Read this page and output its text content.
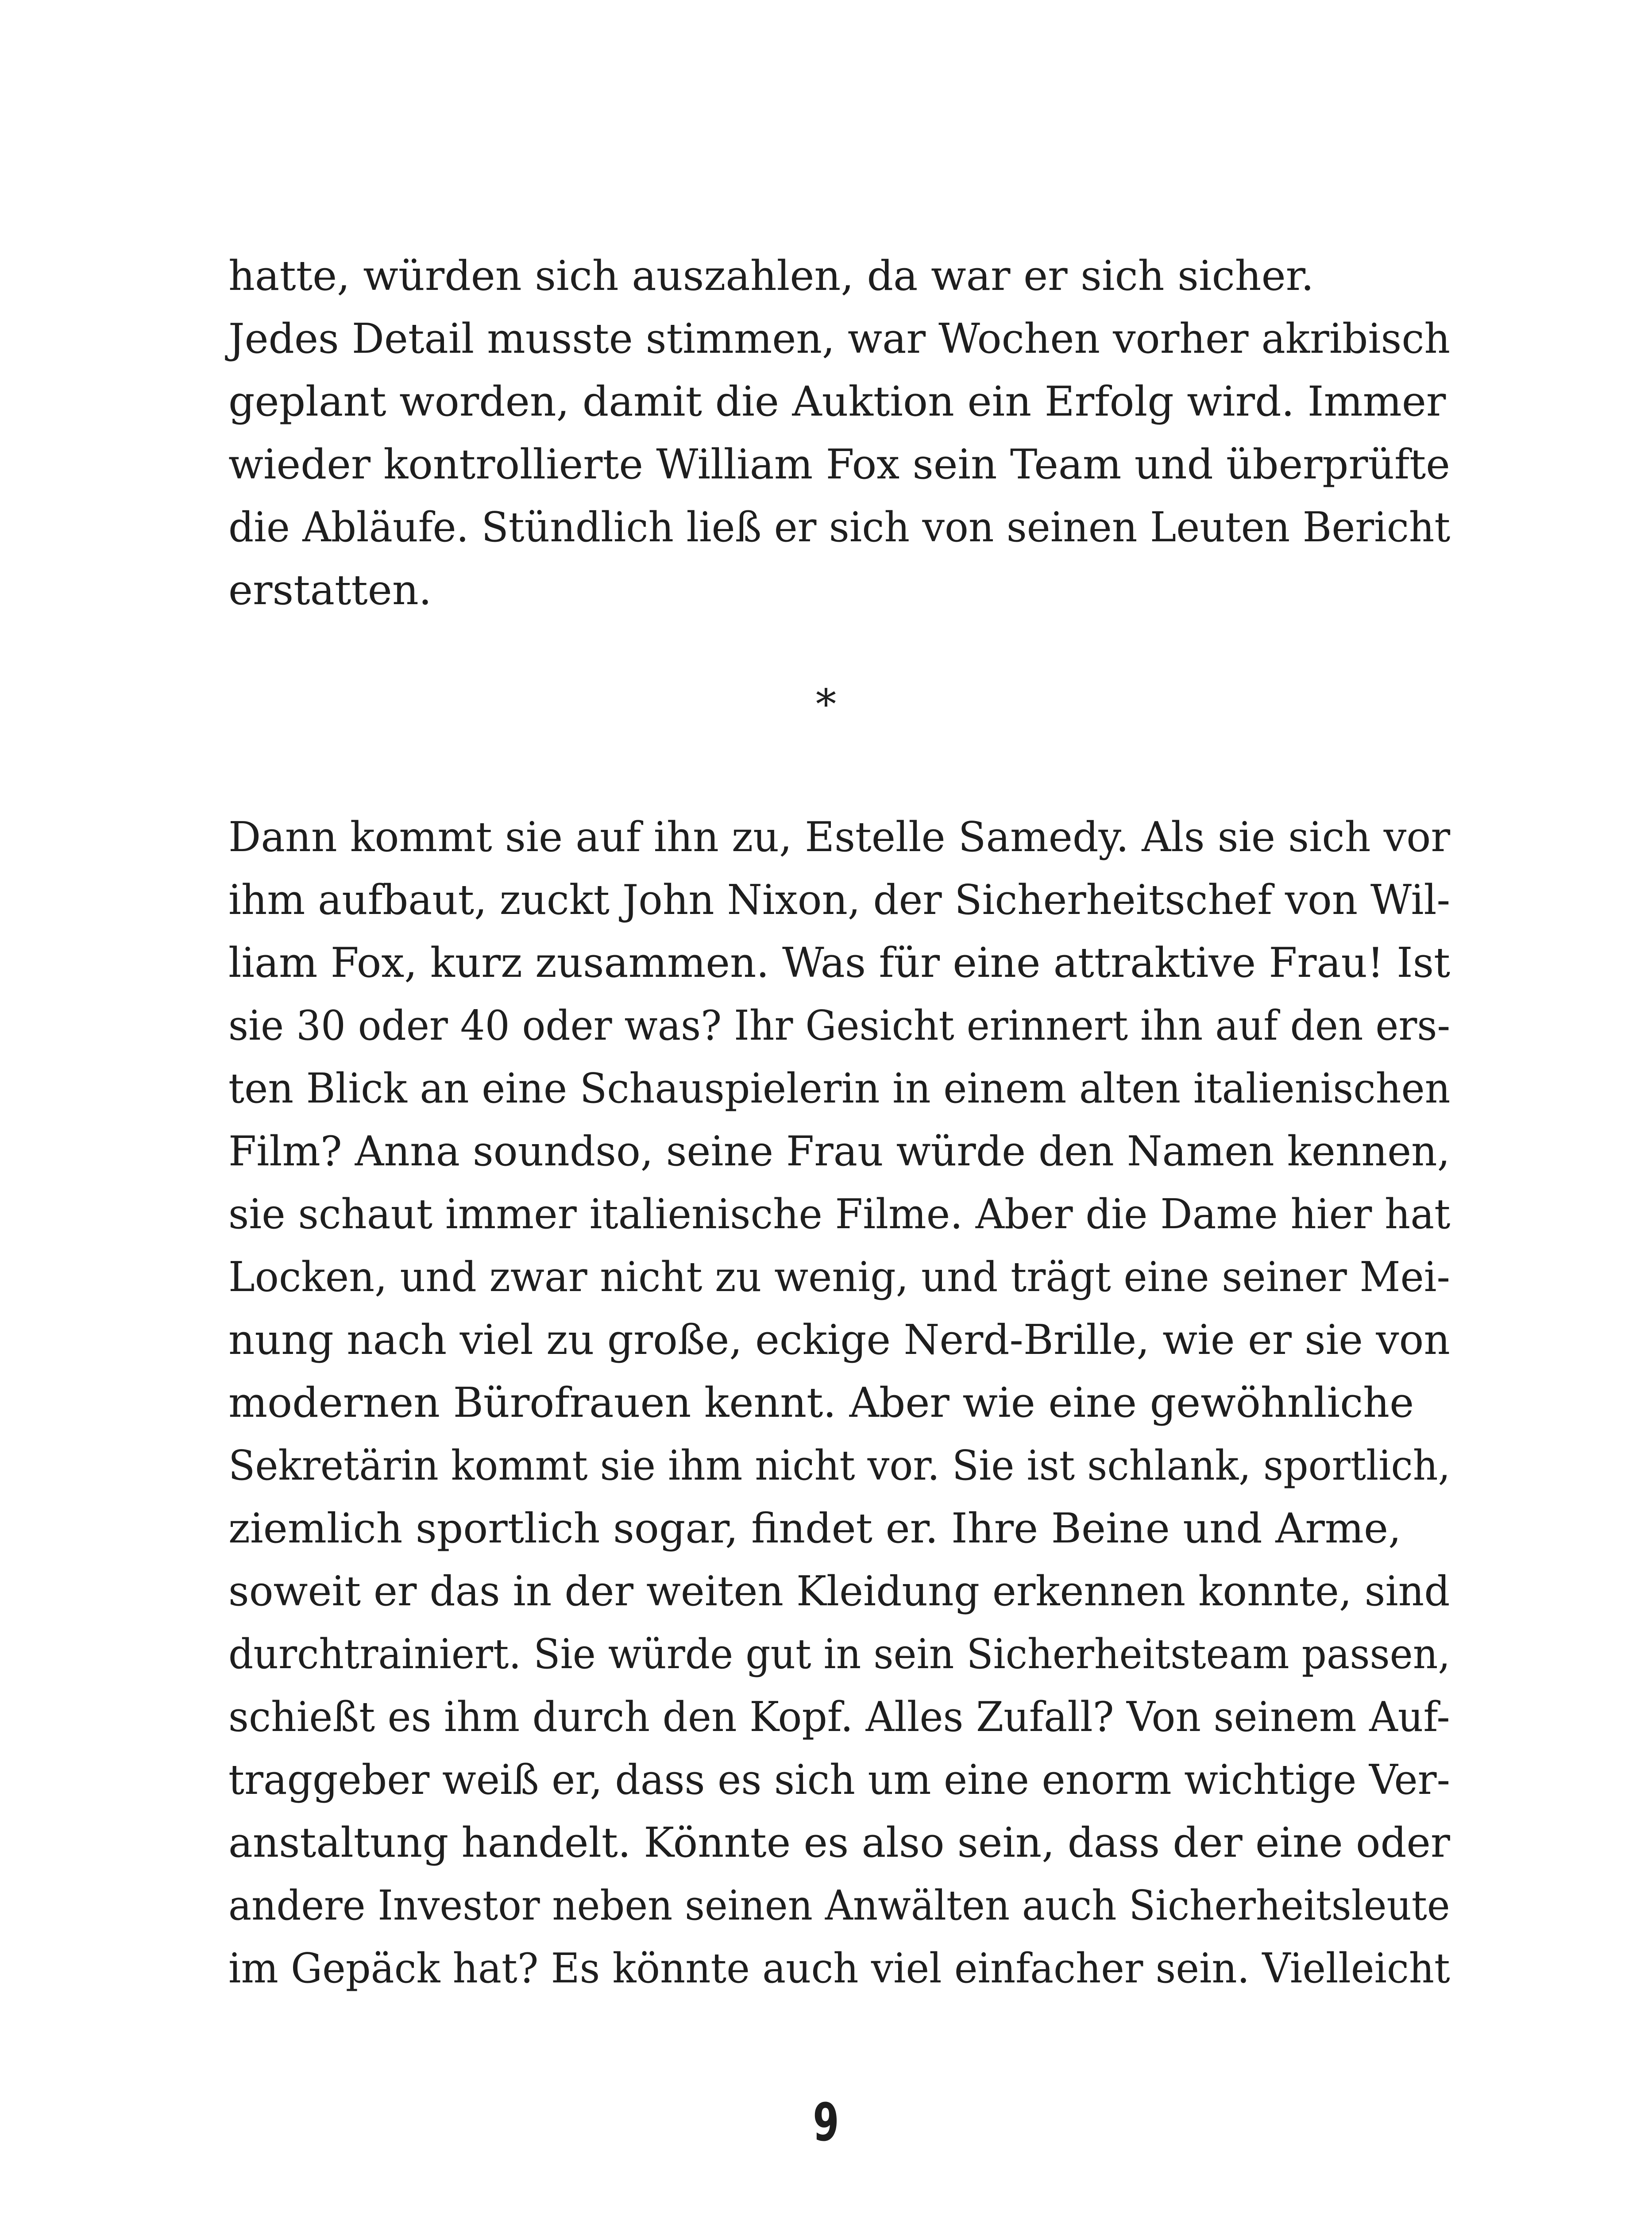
hatte, würden sich auszahlen, da war er sich sicher.
Jedes Detail musste stimmen, war Wochen vorher akribisch
geplant worden, damit die Auktion ein Erfolg wird. Immer
wieder kontrollierte William Fox sein Team und überprüfte
die Abläufe. Stündlich ließ er sich von seinen Leuten Bericht
erstatten.
*
Dann kommt sie auf ihn zu, Estelle Samedy. Als sie sich vor
ihm aufbaut, zuckt John Nixon, der Sicherheitschef von Wil-
liam Fox, kurz zusammen. Was für eine attraktive Frau! Ist
sie 30 oder 40 oder was? Ihr Gesicht erinnert ihn auf den ers-
ten Blick an eine Schauspielerin in einem alten italienischen
Film? Anna soundso, seine Frau würde den Namen kennen,
sie schaut immer italienische Filme. Aber die Dame hier hat
Locken, und zwar nicht zu wenig, und trägt eine seiner Mei-
nung nach viel zu große, eckige Nerd-Brille, wie er sie von
modernen Bürofrauen kennt. Aber wie eine gewöhnliche
Sekretärin kommt sie ihm nicht vor. Sie ist schlank, sportlich,
ziemlich sportlich sogar, findet er. Ihre Beine und Arme,
soweit er das in der weiten Kleidung erkennen konnte, sind
durchtrainiert. Sie würde gut in sein Sicherheitsteam passen,
schießt es ihm durch den Kopf. Alles Zufall? Von seinem Auf-
traggeber weiß er, dass es sich um eine enorm wichtige Ver-
anstaltung handelt. Könnte es also sein, dass der eine oder
andere Investor neben seinen Anwälten auch Sicherheitsleute
im Gepäck hat? Es könnte auch viel einfacher sein. Vielleicht
9
